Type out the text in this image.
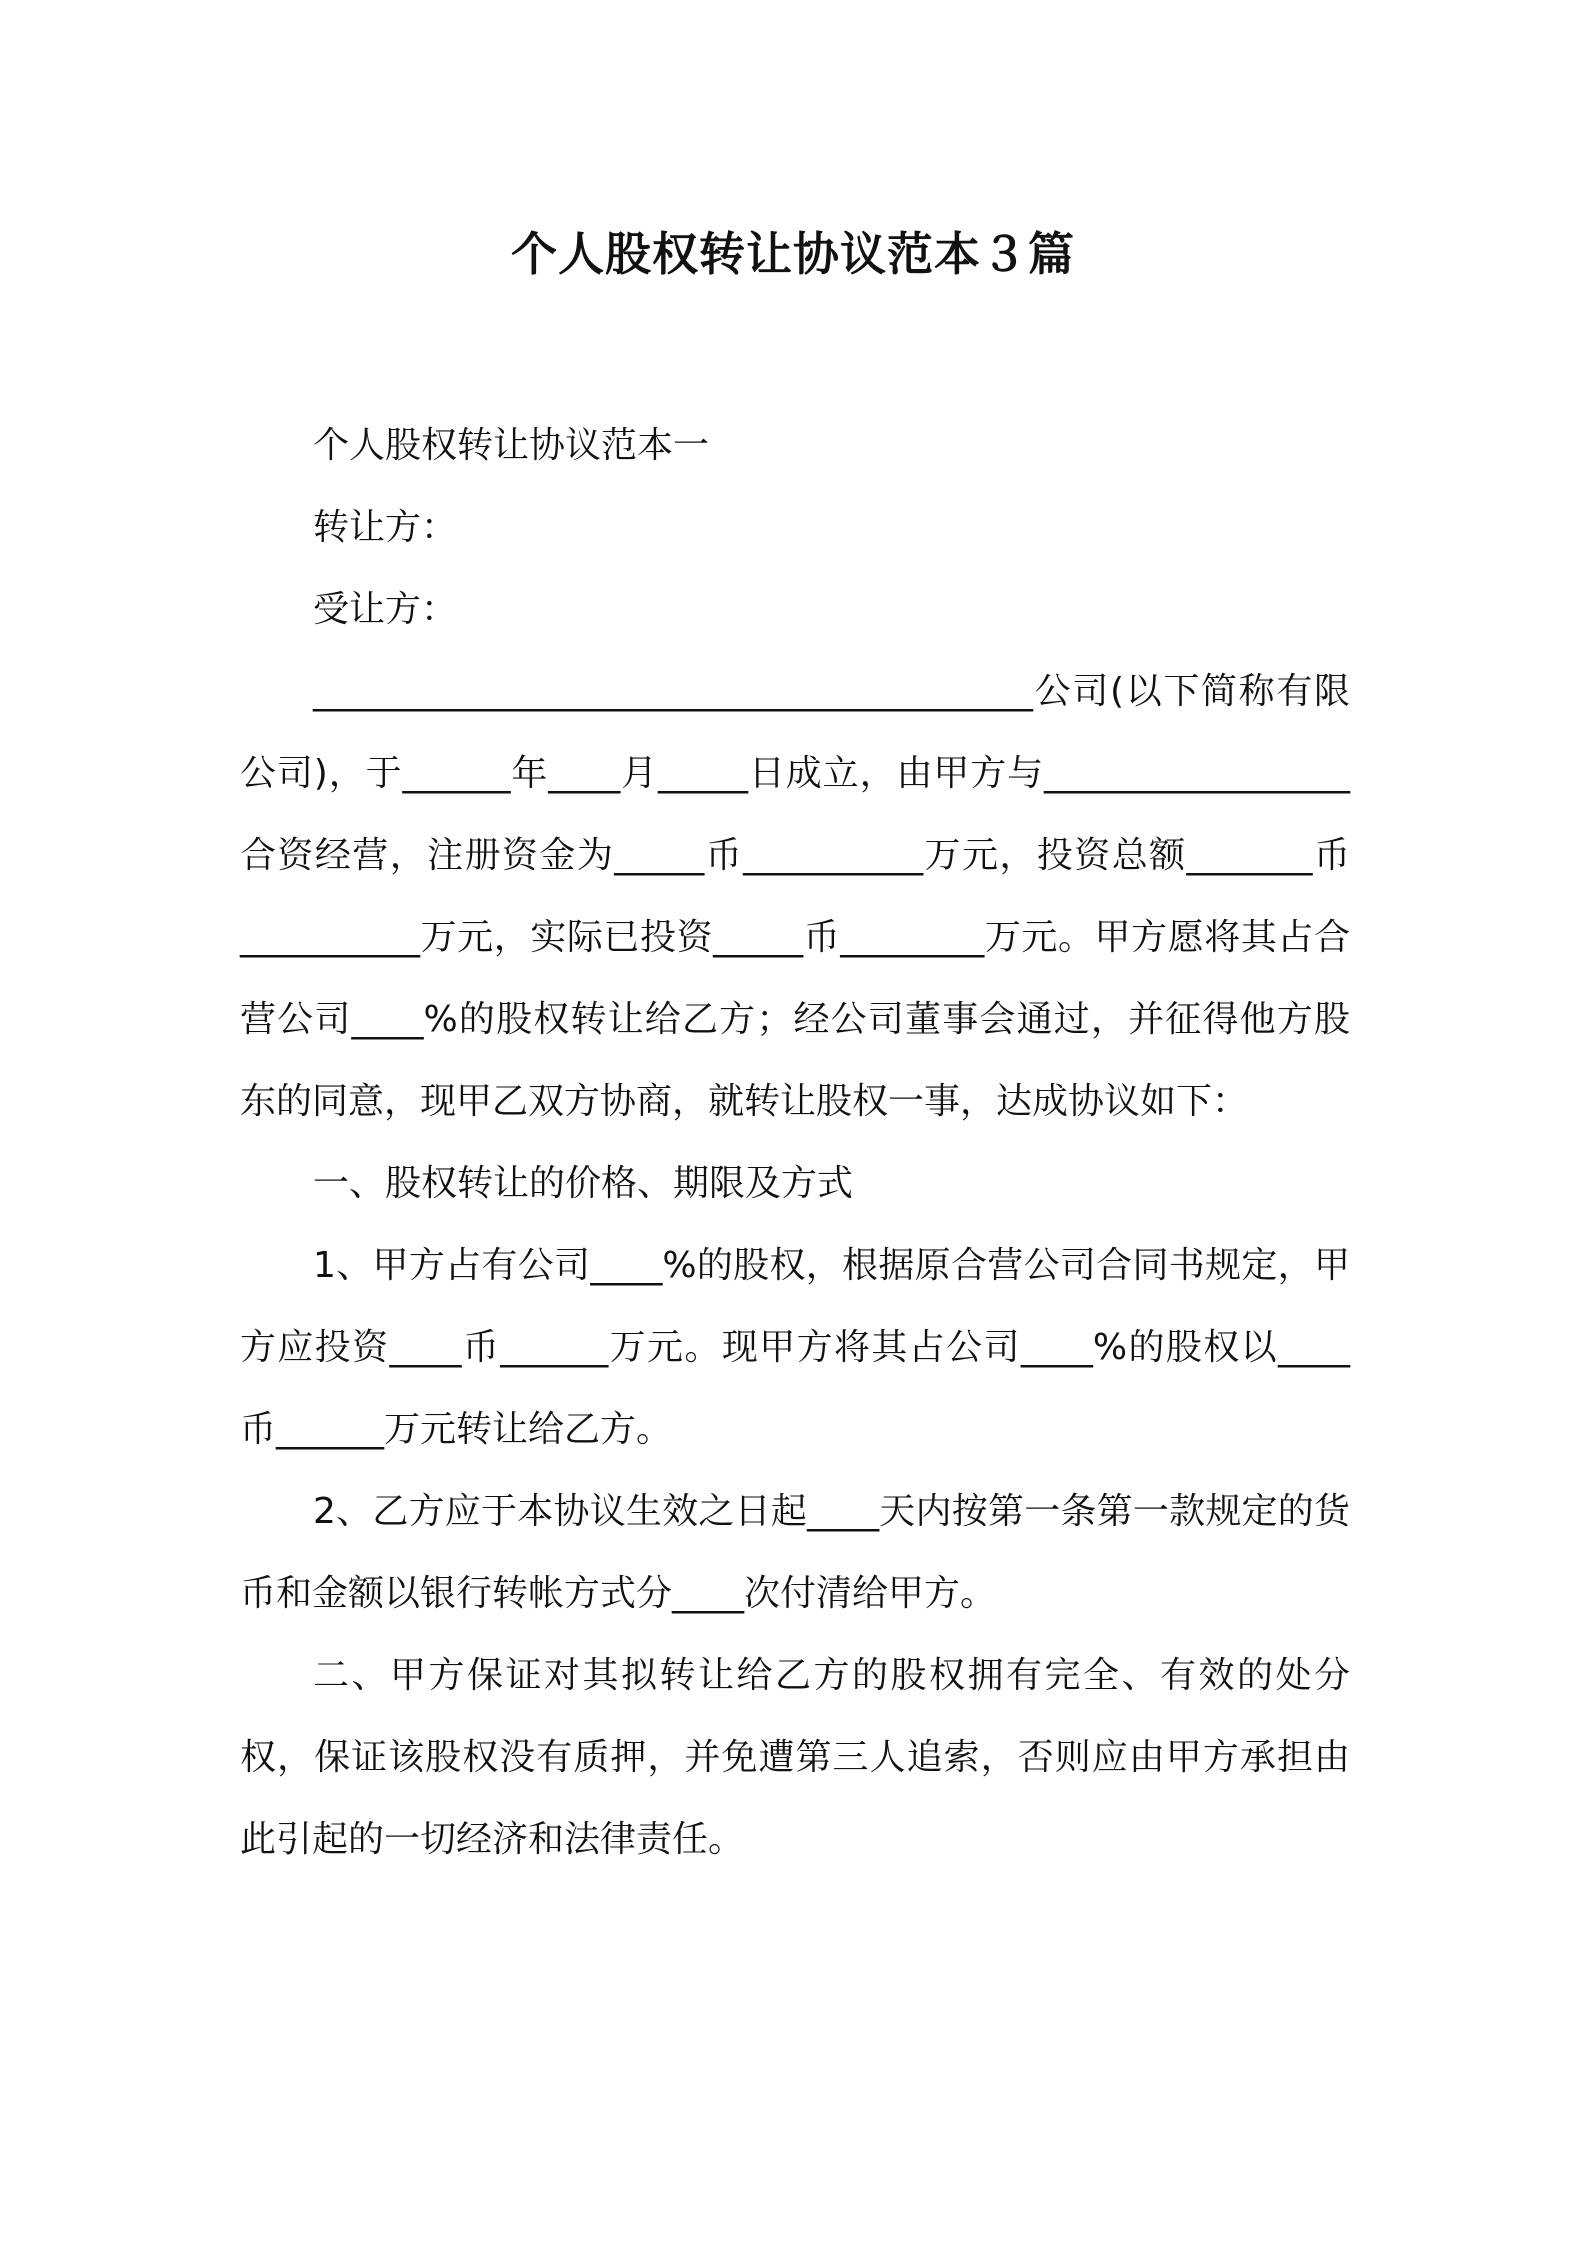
个人股权转让协议范本３篇

个人股权转让协议范本一

转让方：

受让方：

________________________________________公司(以下简称有限公司)，于______年____月_____日成立，由甲方与_________________合资经营，注册资金为_____币__________万元，投资总额_______币__________万元，实际已投资_____币________万元。甲方愿将其占合营公司____%的股权转让给乙方；经公司董事会通过，并征得他方股东的同意，现甲乙双方协商，就转让股权一事，达成协议如下：

一、股权转让的价格、期限及方式

1、甲方占有公司____%的股权，根据原合营公司合同书规定，甲方应投资____币______万元。现甲方将其占公司____%的股权以____币______万元转让给乙方。

2、乙方应于本协议生效之日起____天内按第一条第一款规定的货币和金额以银行转帐方式分____次付清给甲方。

二、甲方保证对其拟转让给乙方的股权拥有完全、有效的处分权，保证该股权没有质押，并免遭第三人追索，否则应由甲方承担由此引起的一切经济和法律责任。
